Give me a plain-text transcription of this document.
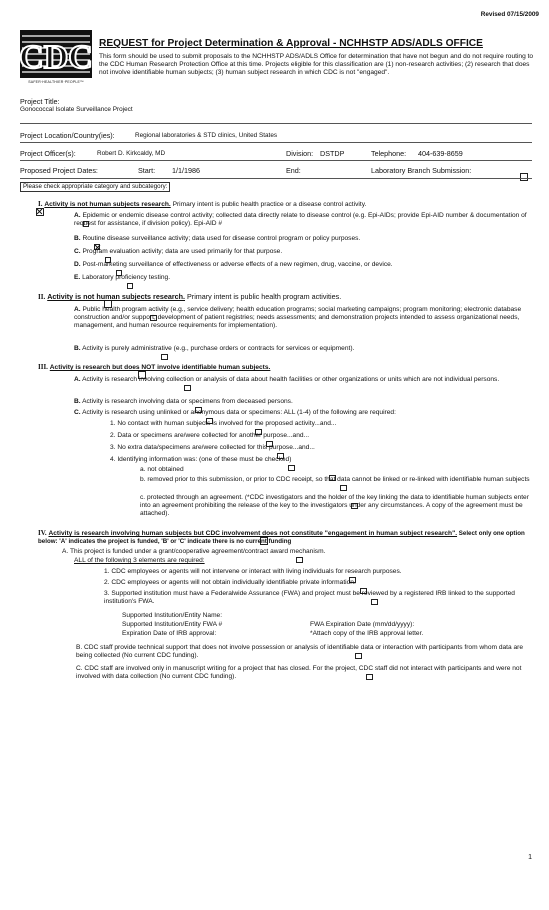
Revised 07/15/2009
CDC
SAFER·HEALTHIER·PEOPLE™
REQUEST for Project Determination & Approval - NCHHSTP ADS/ADLS OFFICE
This form should be used to submit proposals to the NCHHSTP ADS/ADLS Office for determination that have not begun and do not require routing to the CDC Human Research Protection Office at this time. Projects eligible for this classification are (1) non-research activities; (2) research that does not involve identifiable human subjects; (3) human subject research in which CDC is not "engaged".
Project Title:
Gonococcal Isolate Surveillance Project
Project Location/Country(ies):	Regional laboratories & STD clinics, United States
Project Officer(s):	Robert D. Kirkcaldy, MD	Division: DSTDP	Telephone: 404-639-8659
Proposed Project Dates:	Start: 1/1/1986	End:	Laboratory Branch Submission:

Please check appropriate category and subcategory:

I. Activity is not human subjects research. Primary intent is public health practice or a disease control activity.

A. Epidemic or endemic disease control activity; collected data directly relate to disease control (e.g. Epi-AIDs; provide Epi-AID number & documentation of request for assistance, if division policy). Epi-AID #

B. Routine disease surveillance activity; data used for disease control program or policy purposes.

C. Program evaluation activity; data are used primarily for that purpose.

D. Post-marketing surveillance of effectiveness or adverse effects of a new regimen, drug, vaccine, or device.

E. Laboratory proficiency testing.

II. Activity is not human subjects research. Primary intent is public health program activities.

A. Public health program activity (e.g., service delivery; health education programs; social marketing campaigns; program monitoring; electronic database construction and/or support; development of patient registries; needs assessments; and demonstration projects intended to assess organizational needs, management, and human resource requirements for implementation).

B. Activity is purely administrative (e.g., purchase orders or contracts for services or equipment).

III. Activity is research but does NOT involve identifiable human subjects.

A. Activity is research involving collection or analysis of data about health facilities or other organizations or units which are not individual persons.

B. Activity is research involving data or specimens from deceased persons.

C. Activity is research using unlinked or anonymous data or specimens: ALL (1-4) of the following are required:

1. No contact with human subjects is involved for the proposed activity...and...

2. Data or specimens are/were collected for another purpose...and...

3. No extra data/specimens are/were collected for this purpose...and...

4. Identifying information was: (one of these must be checked)

a. not obtained

b. removed prior to this submission, or prior to CDC receipt, so that data cannot be linked or re-linked with identifiable human subjects

c. protected through an agreement. (*CDC investigators and the holder of the key linking the data to identifiable human subjects enter into an agreement prohibiting the release of the key to the investigators under any circumstances. A copy of the agreement must be attached).

IV. Activity is research involving human subjects but CDC involvement does not constitute "engagement in human subject research". Select only one option below: 'A' indicates the project is funded, 'B' or 'C' indicate there is no current funding

A. This project is funded under a grant/cooperative agreement/contract award mechanism.
ALL of the following 3 elements are required:

1. CDC employees or agents will not intervene or interact with living individuals for research purposes.

2. CDC employees or agents will not obtain individually identifiable private information.

3. Supported institution must have a Federalwide Assurance (FWA) and project must be reviewed by a registered IRB linked to the supported institution's FWA.
Supported Institution/Entity Name:
Supported Institution/Entity FWA #	FWA Expiration Date (mm/dd/yyyy):
Expiration Date of IRB approval:	*Attach copy of the IRB approval letter.

B. CDC staff provide technical support that does not involve possession or analysis of identifiable data or interaction with participants from whom data are being collected (No current CDC funding).
C. CDC staff are involved only in manuscript writing for a project that has closed. For the project, CDC staff did not interact with participants and were not involved with data collection (No current CDC funding).
1
